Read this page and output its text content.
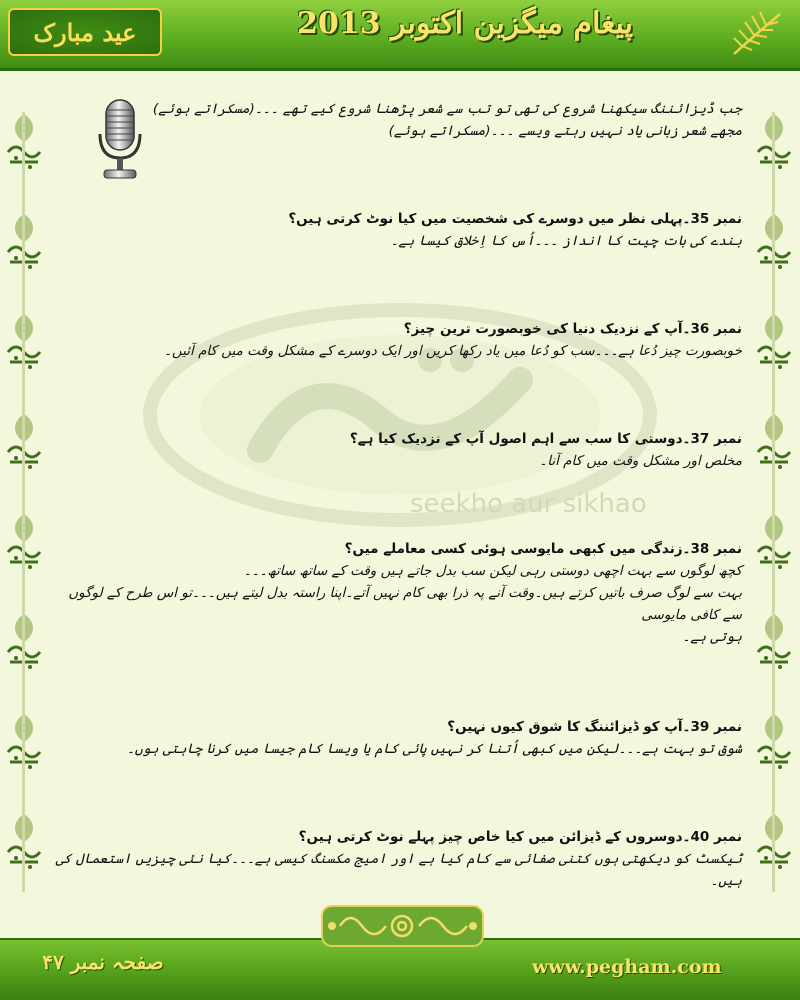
عید مبارک	پیغام میگزین اکتوبر 2013
seekho aur sikhao
جب ڈیزائننگ سیکھنا شروع کی تھی تو تب سے شعر پڑھنا شروع کیے تھے ۔۔۔(مسکراتے ہوئے)
مجھے شعر زبانی یاد نہیں رہتے ویسے ۔۔۔(مسکراتے ہوئے)
نمبر 35۔پہلی نظر میں دوسرے کی شخصیت میں کیا نوٹ کرتی ہیں؟
بندے کی بات چیت کا انداز ۔۔۔اُس کا اِخلاق کیسا ہے۔
نمبر 36۔آپ کے نزدیک دنیا کی خوبصورت ترین چیز؟
خوبصورت چیز دُعا ہے۔۔۔سب کو دُعا میں یاد رکھا کریں اور ایک دوسرے کے مشکل وقت میں کام آئیں۔
نمبر 37۔دوستی کا سب سے اہم اصول آپ کے نزدیک کیا ہے؟
مخلص اور مشکل وقت میں کام آنا۔
نمبر 38۔زندگی میں کبھی مایوسی ہوئی کسی معاملے میں؟
کچھ لوگوں سے بہت اچھی دوستی رہی لیکن سب بدل جاتے ہیں وقت کے ساتھ ساتھ۔۔۔
بہت سے لوگ صرف باتیں کرتے ہیں۔وقت آنے پہ ذرا بھی کام نہیں آتے۔اپنا راستہ بدل لیتے ہیں۔۔۔تو اس طرح کے لوگوں سے کافی مایوسی
ہوتی ہے۔
نمبر 39۔آپ کو ڈیزائننگ کا شوق کیوں نہیں؟
شوق تو بہت ہے۔۔۔لیکن میں کبھی اُتنا کر نہیں پائی کام یا ویسا کام جیسا میں کرنا چاہتی ہوں۔
نمبر 40۔دوسروں کے ڈیزائن میں کیا خاص چیز پہلے نوٹ کرتی ہیں؟
ٹیکسٹ کو دیکھتی ہوں کتنی صفائی سے کام کیا ہے اور امیج مکسنگ کیسی ہے۔۔۔کیا نئی چیزیں استعمال کی ہیں۔
www.pegham.com
صفحہ نمبر ۴۷
